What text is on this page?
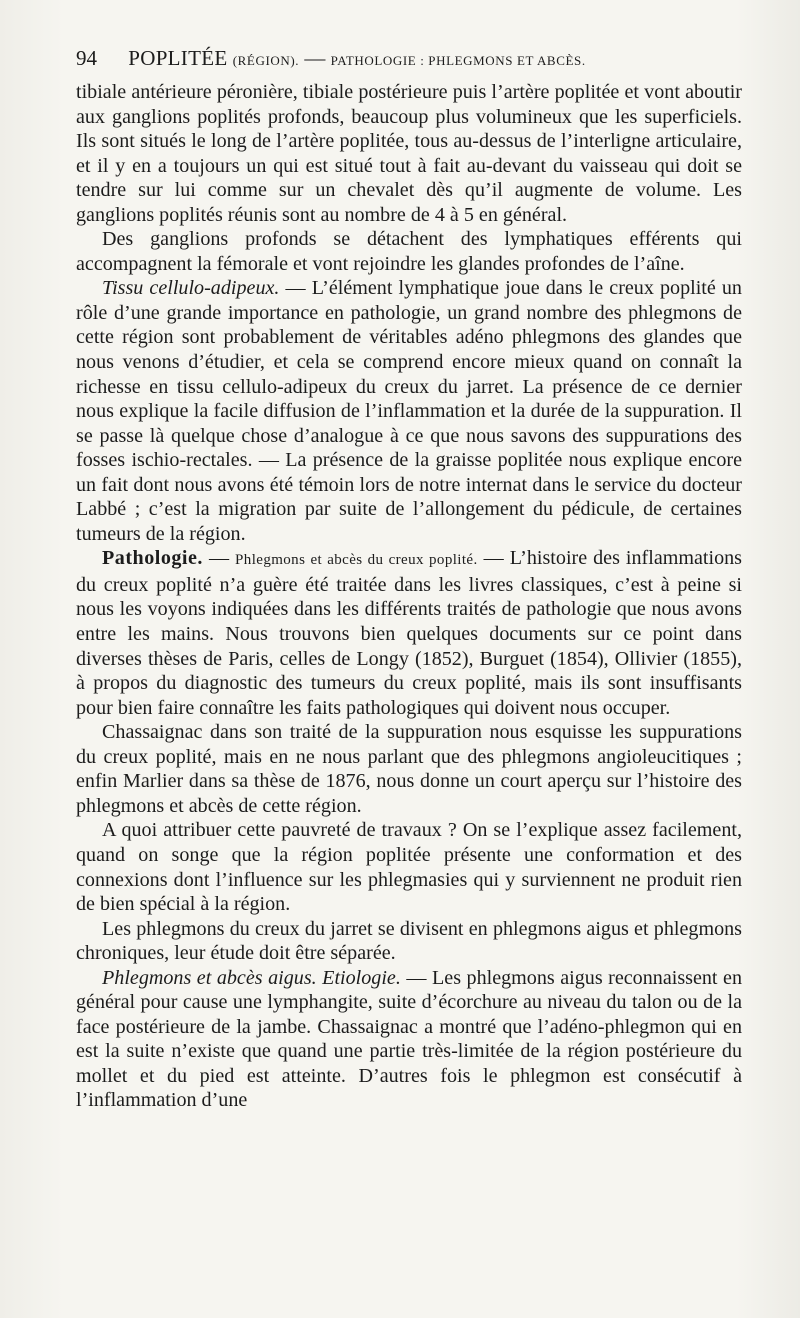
94 POPLITÉE (RÉGION). — PATHOLOGIE : PHLEGMONS ET ABCÈS.

tibiale antérieure péronière, tibiale postérieure puis l’artère poplitée et vont aboutir aux ganglions poplités profonds, beaucoup plus volumineux que les superficiels. Ils sont situés le long de l’artère poplitée, tous au-dessus de l’interligne articulaire, et il y en a toujours un qui est situé tout à fait au-devant du vaisseau qui doit se tendre sur lui comme sur un chevalet dès qu’il augmente de volume. Les ganglions poplités réunis sont au nombre de 4 à 5 en général.

Des ganglions profonds se détachent des lymphatiques efférents qui accompagnent la fémorale et vont rejoindre les glandes profondes de l’aîne.

Tissu cellulo-adipeux. — L’élément lymphatique joue dans le creux poplité un rôle d’une grande importance en pathologie, un grand nombre des phlegmons de cette région sont probablement de véritables adéno phlegmons des glandes que nous venons d’étudier, et cela se comprend encore mieux quand on connaît la richesse en tissu cellulo-adipeux du creux du jarret. La présence de ce dernier nous explique la facile diffusion de l’inflammation et la durée de la suppuration. Il se passe là quelque chose d’analogue à ce que nous savons des suppurations des fosses ischio-rectales. — La présence de la graisse poplitée nous explique encore un fait dont nous avons été témoin lors de notre internat dans le service du docteur Labbé ; c’est la migration par suite de l’allongement du pédicule, de certaines tumeurs de la région.

Pathologie. — Phlegmons et abcès du creux poplité. — L’histoire des inflammations du creux poplité n’a guère été traitée dans les livres classiques, c’est à peine si nous les voyons indiquées dans les différents traités de pathologie que nous avons entre les mains. Nous trouvons bien quelques documents sur ce point dans diverses thèses de Paris, celles de Longy (1852), Burguet (1854), Ollivier (1855), à propos du diagnostic des tumeurs du creux poplité, mais ils sont insuffisants pour bien faire connaître les faits pathologiques qui doivent nous occuper.

Chassaignac dans son traité de la suppuration nous esquisse les suppurations du creux poplité, mais en ne nous parlant que des phlegmons angioleucitiques ; enfin Marlier dans sa thèse de 1876, nous donne un court aperçu sur l’histoire des phlegmons et abcès de cette région.

A quoi attribuer cette pauvreté de travaux ? On se l’explique assez facilement, quand on songe que la région poplitée présente une conformation et des connexions dont l’influence sur les phlegmasies qui y surviennent ne produit rien de bien spécial à la région.

Les phlegmons du creux du jarret se divisent en phlegmons aigus et phlegmons chroniques, leur étude doit être séparée.

Phlegmons et abcès aigus. Etiologie. — Les phlegmons aigus reconnaissent en général pour cause une lymphangite, suite d’écorchure au niveau du talon ou de la face postérieure de la jambe. Chassaignac a montré que l’adéno-phlegmon qui en est la suite n’existe que quand une partie très-limitée de la région postérieure du mollet et du pied est atteinte. D’autres fois le phlegmon est consécutif à l’inflammation d’une
